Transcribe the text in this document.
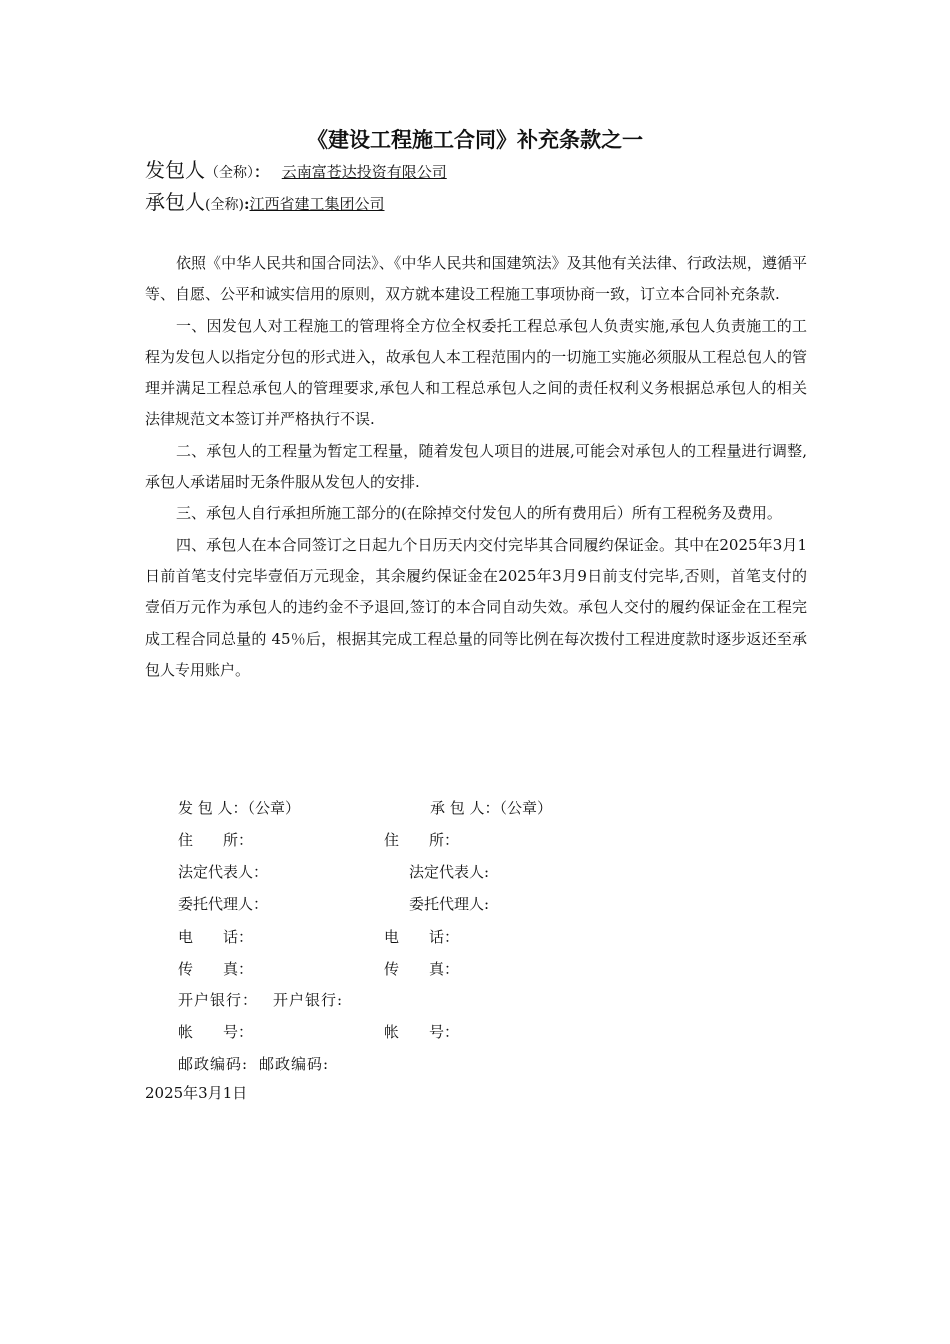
《建设工程施工合同》补充条款之一
发包人（全称）： 云南富苍达投资有限公司
承包人(全称):江西省建工集团公司

依照《中华人民共和国合同法》、《中华人民共和国建筑法》及其他有关法律、行政法规，遵循平等、自愿、公平和诚实信用的原则，双方就本建设工程施工事项协商一致，订立本合同补充条款.

一、因发包人对工程施工的管理将全方位全权委托工程总承包人负责实施,承包人负责施工的工程为发包人以指定分包的形式进入，故承包人本工程范围内的一切施工实施必须服从工程总包人的管理并满足工程总承包人的管理要求,承包人和工程总承包人之间的责任权利义务根据总承包人的相关法律规范文本签订并严格执行不误.

二、承包人的工程量为暂定工程量，随着发包人项目的进展,可能会对承包人的工程量进行调整,承包人承诺届时无条件服从发包人的安排.

三、承包人自行承担所施工部分的(在除掉交付发包人的所有费用后）所有工程税务及费用。

四、承包人在本合同签订之日起九个日历天内交付完毕其合同履约保证金。其中在2025年3月1日前首笔支付完毕壹佰万元现金，其余履约保证金在2025年3月9日前支付完毕,否则，首笔支付的壹佰万元作为承包人的违约金不予退回,签订的本合同自动失效。承包人交付的履约保证金在工程完成工程合同总量的 45％后，根据其完成工程总量的同等比例在每次拨付工程进度款时逐步返还至承包人专用账户。

发 包 人：（公章）
住　　所：
法定代表人：
委托代理人：
电　　话：
传　　真：
开户银行：
帐　　号：
邮政编码:
承 包 人：（公章）
住　　所：
法定代表人:
委托代理人:
电　　话：
传　　真：
开户银行:
帐　　号：
邮政编码:
2025年3月1日
